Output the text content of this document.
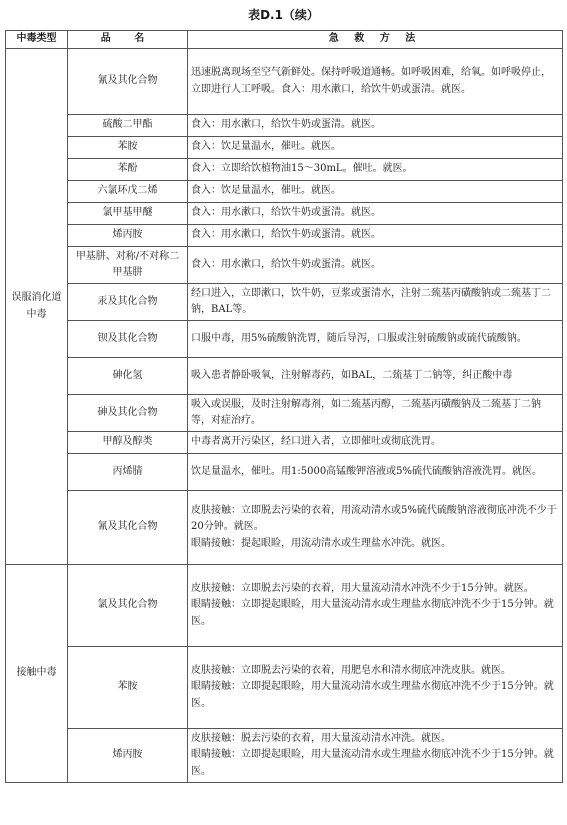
表D.1（续）
中毒类型	品 名	急 救 方 法
误服消化道中毒	氰及其化合物	迅速脱离现场至空气新鲜处。保持呼吸道通畅。如呼吸困难，给氧。如呼吸停止，立即进行人工呼吸。食入：用水漱口，给饮牛奶或蛋清。就医。

	硫酸二甲酯	食入：用水漱口，给饮牛奶或蛋清。就医。

	苯胺	食入：饮足量温水，催吐。就医。

	苯酚	食入：立即给饮植物油15～30mL。催吐。就医。

	六氯环戊二烯	食入：饮足量温水，催吐。就医。

	氯甲基甲醚	食入：用水漱口，给饮牛奶或蛋清。就医。

	烯丙胺	食入：用水漱口，给饮牛奶或蛋清。就医。

	甲基肼、对称/不对称二甲基肼	食入：用水漱口，给饮牛奶或蛋清。就医。

	汞及其化合物	经口进入，立即漱口，饮牛奶，豆浆或蛋清水，注射二巯基丙磺酸钠或二巯基丁二钠，BAL等。

	钡及其化合物	口服中毒，用5%硫酸钠洗胃，随后导泻，口服或注射硫酸钠或硫代硫酸钠。

	砷化氢	吸入患者静卧吸氧，注射解毒药，如BAL，二巯基丁二钠等，纠正酸中毒

	砷及其化合物	吸入或误服，及时注射解毒剂，如二巯基丙醇，二巯基丙磺酸钠及二巯基丁二钠等，对症治疗。

	甲醇及醇类	中毒者离开污染区，经口进入者，立即催吐或彻底洗胃。

	丙烯腈	饮足量温水，催吐。用1:5000高锰酸钾溶液或5%硫代硫酸钠溶液洗胃。就医。

	氰及其化合物	皮肤接触：立即脱去污染的衣着，用流动清水或5%硫代硫酸钠溶液彻底冲洗不少于20分钟。就医。
眼睛接触：提起眼睑，用流动清水或生理盐水冲洗。就医。

接触中毒	氯及其化合物	皮肤接触：立即脱去污染的衣着，用大量流动清水冲洗不少于15分钟。就医。
眼睛接触：立即提起眼睑，用大量流动清水或生理盐水彻底冲洗不少于15分钟。就医。

	苯胺	皮肤接触：立即脱去污染的衣着，用肥皂水和清水彻底冲洗皮肤。就医。
眼睛接触：立即提起眼睑，用大量流动清水或生理盐水彻底冲洗不少于15分钟。就医。

	烯丙胺	皮肤接触：脱去污染的衣着，用大量流动清水冲洗。就医。
眼睛接触：立即提起眼睑，用大量流动清水或生理盐水彻底冲洗不少于15分钟。就医。
